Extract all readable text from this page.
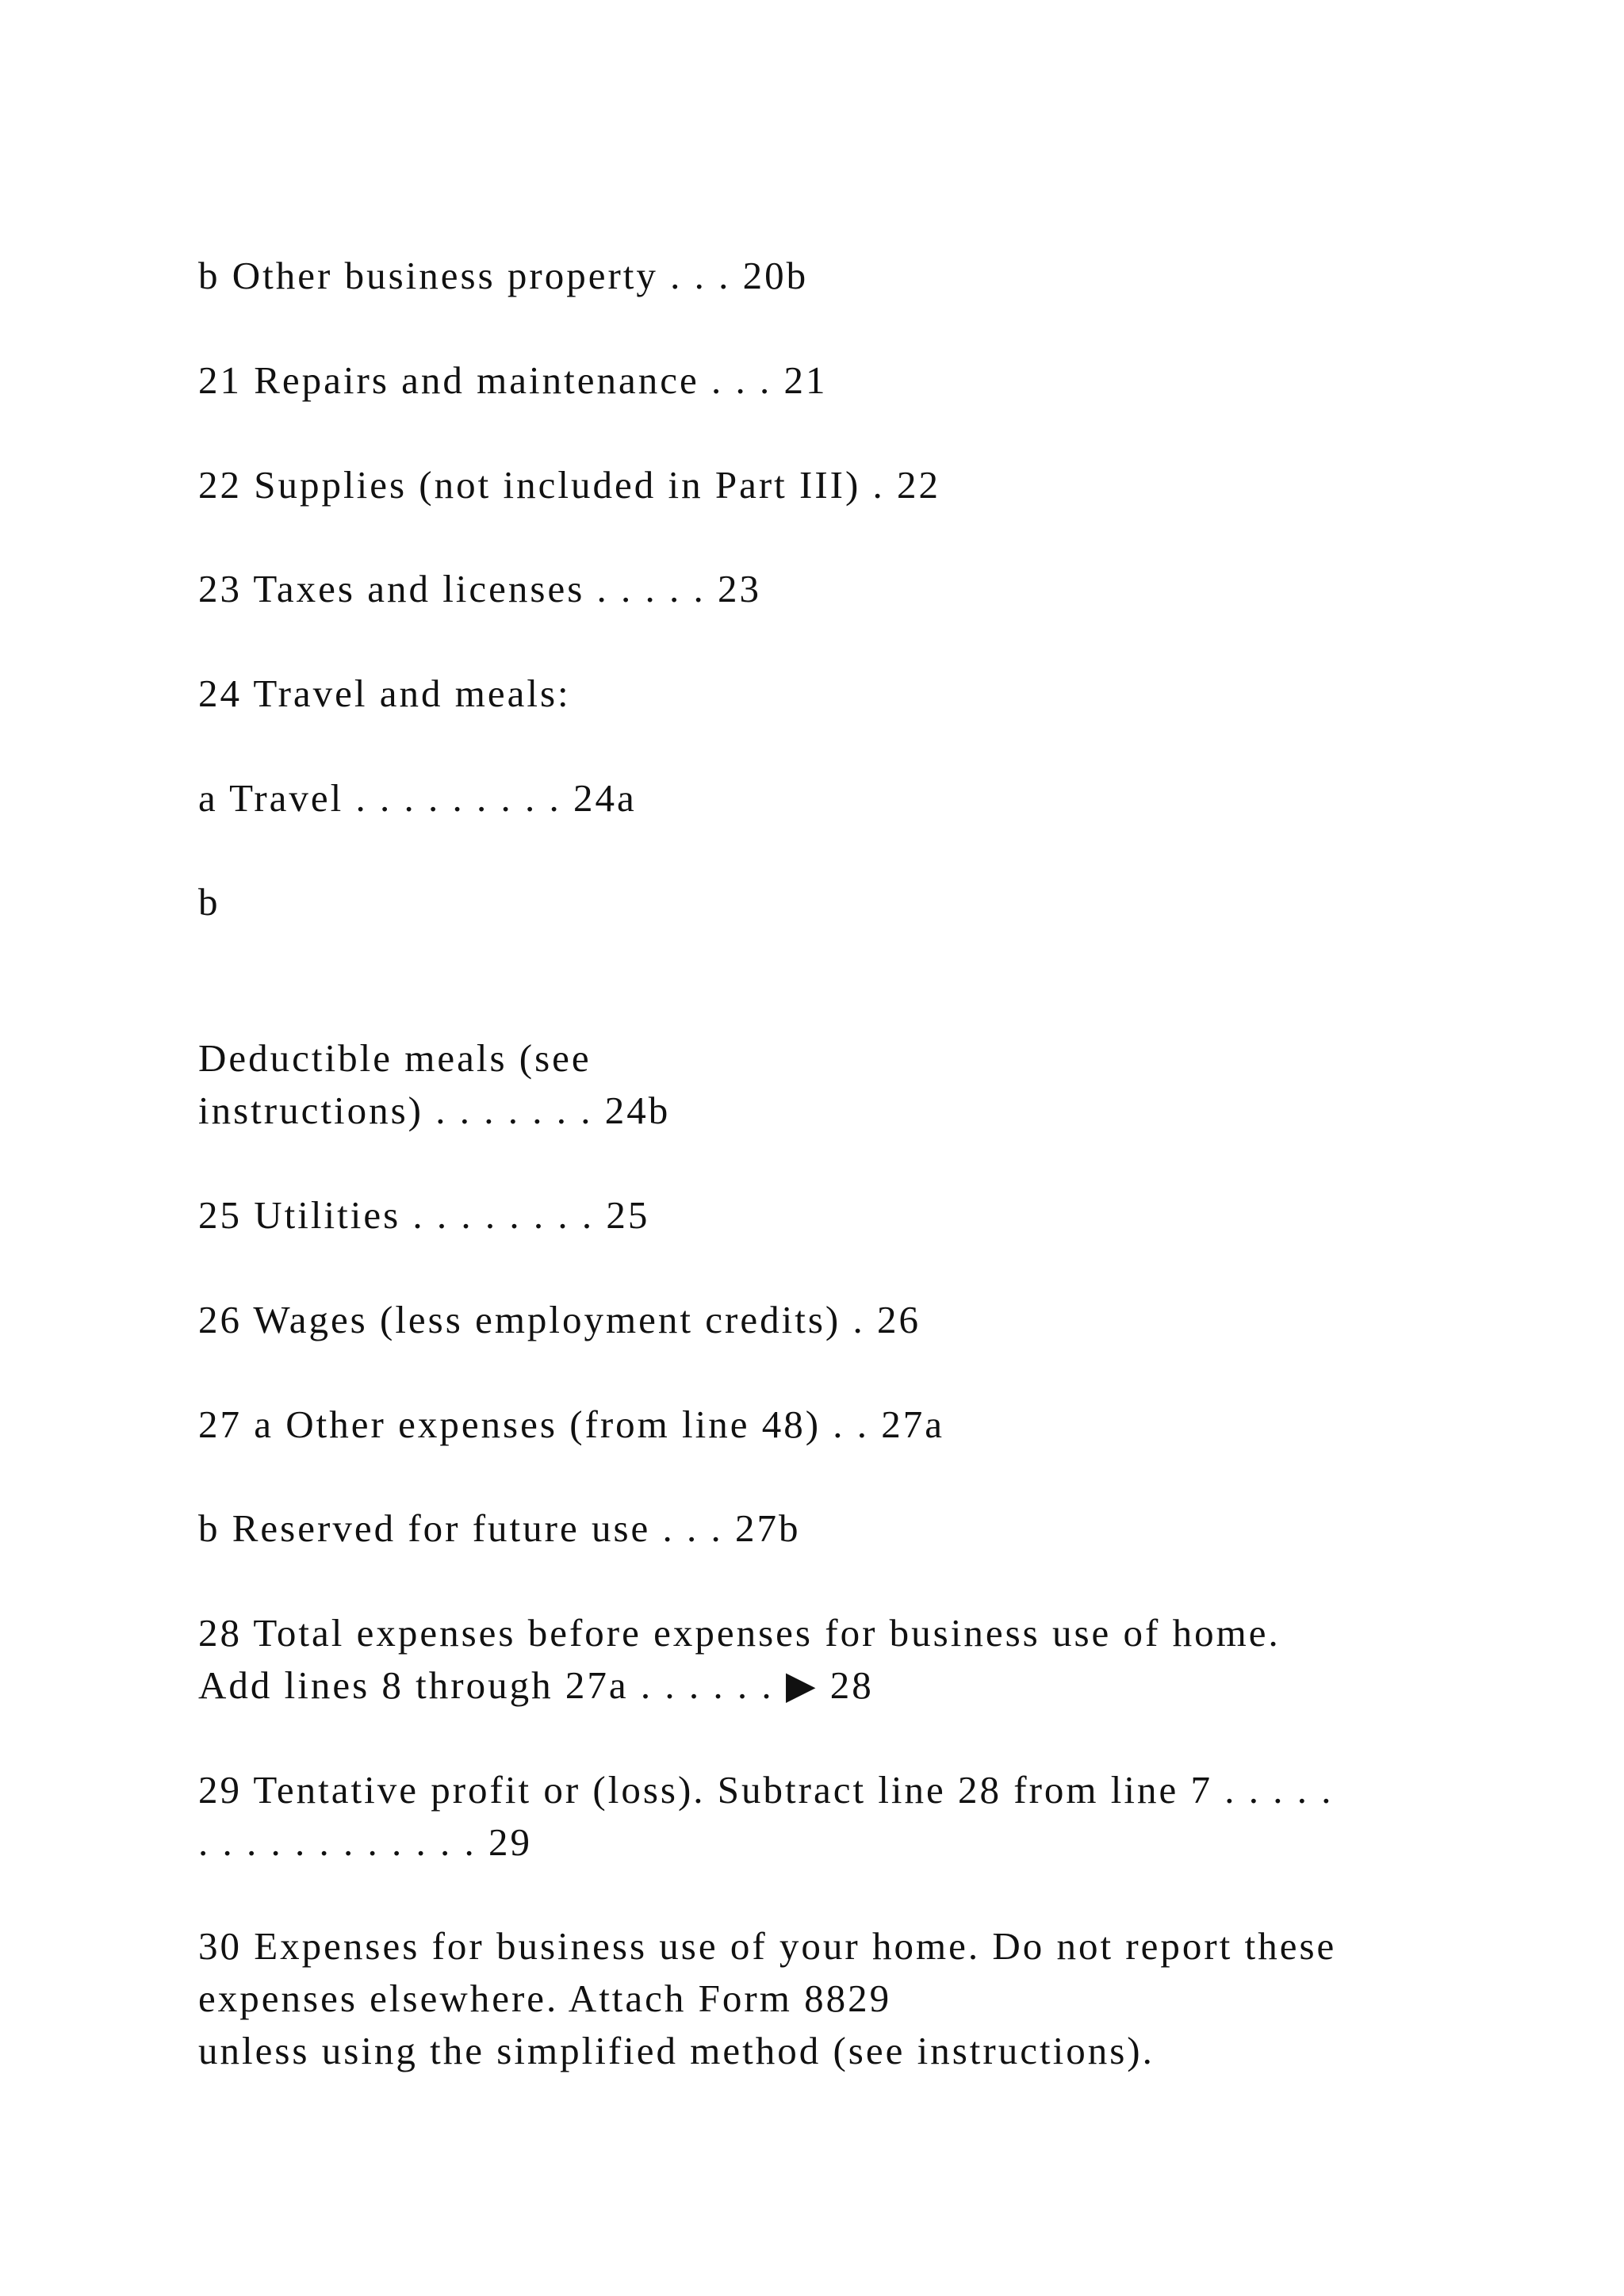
b Other business property . . . 20b

21 Repairs and maintenance . . . 21

22 Supplies (not included in Part III) . 22

23 Taxes and licenses . . . . . 23

24 Travel and meals:

a Travel . . . . . . . . . 24a

b

Deductible meals (see
instructions) . . . . . . . 24b

25 Utilities . . . . . . . . 25

26 Wages (less employment credits) . 26

27 a Other expenses (from line 48) . . 27a

b Reserved for future use . . . 27b

28 Total expenses before expenses for business use of home.
Add lines 8 through 27a . . . . . . ▶ 28

29 Tentative profit or (loss). Subtract line 28 from line 7 . . . . .
. . . . . . . . . . . . 29

30 Expenses for business use of your home. Do not report these
expenses elsewhere. Attach Form 8829
unless using the simplified method (see instructions).
